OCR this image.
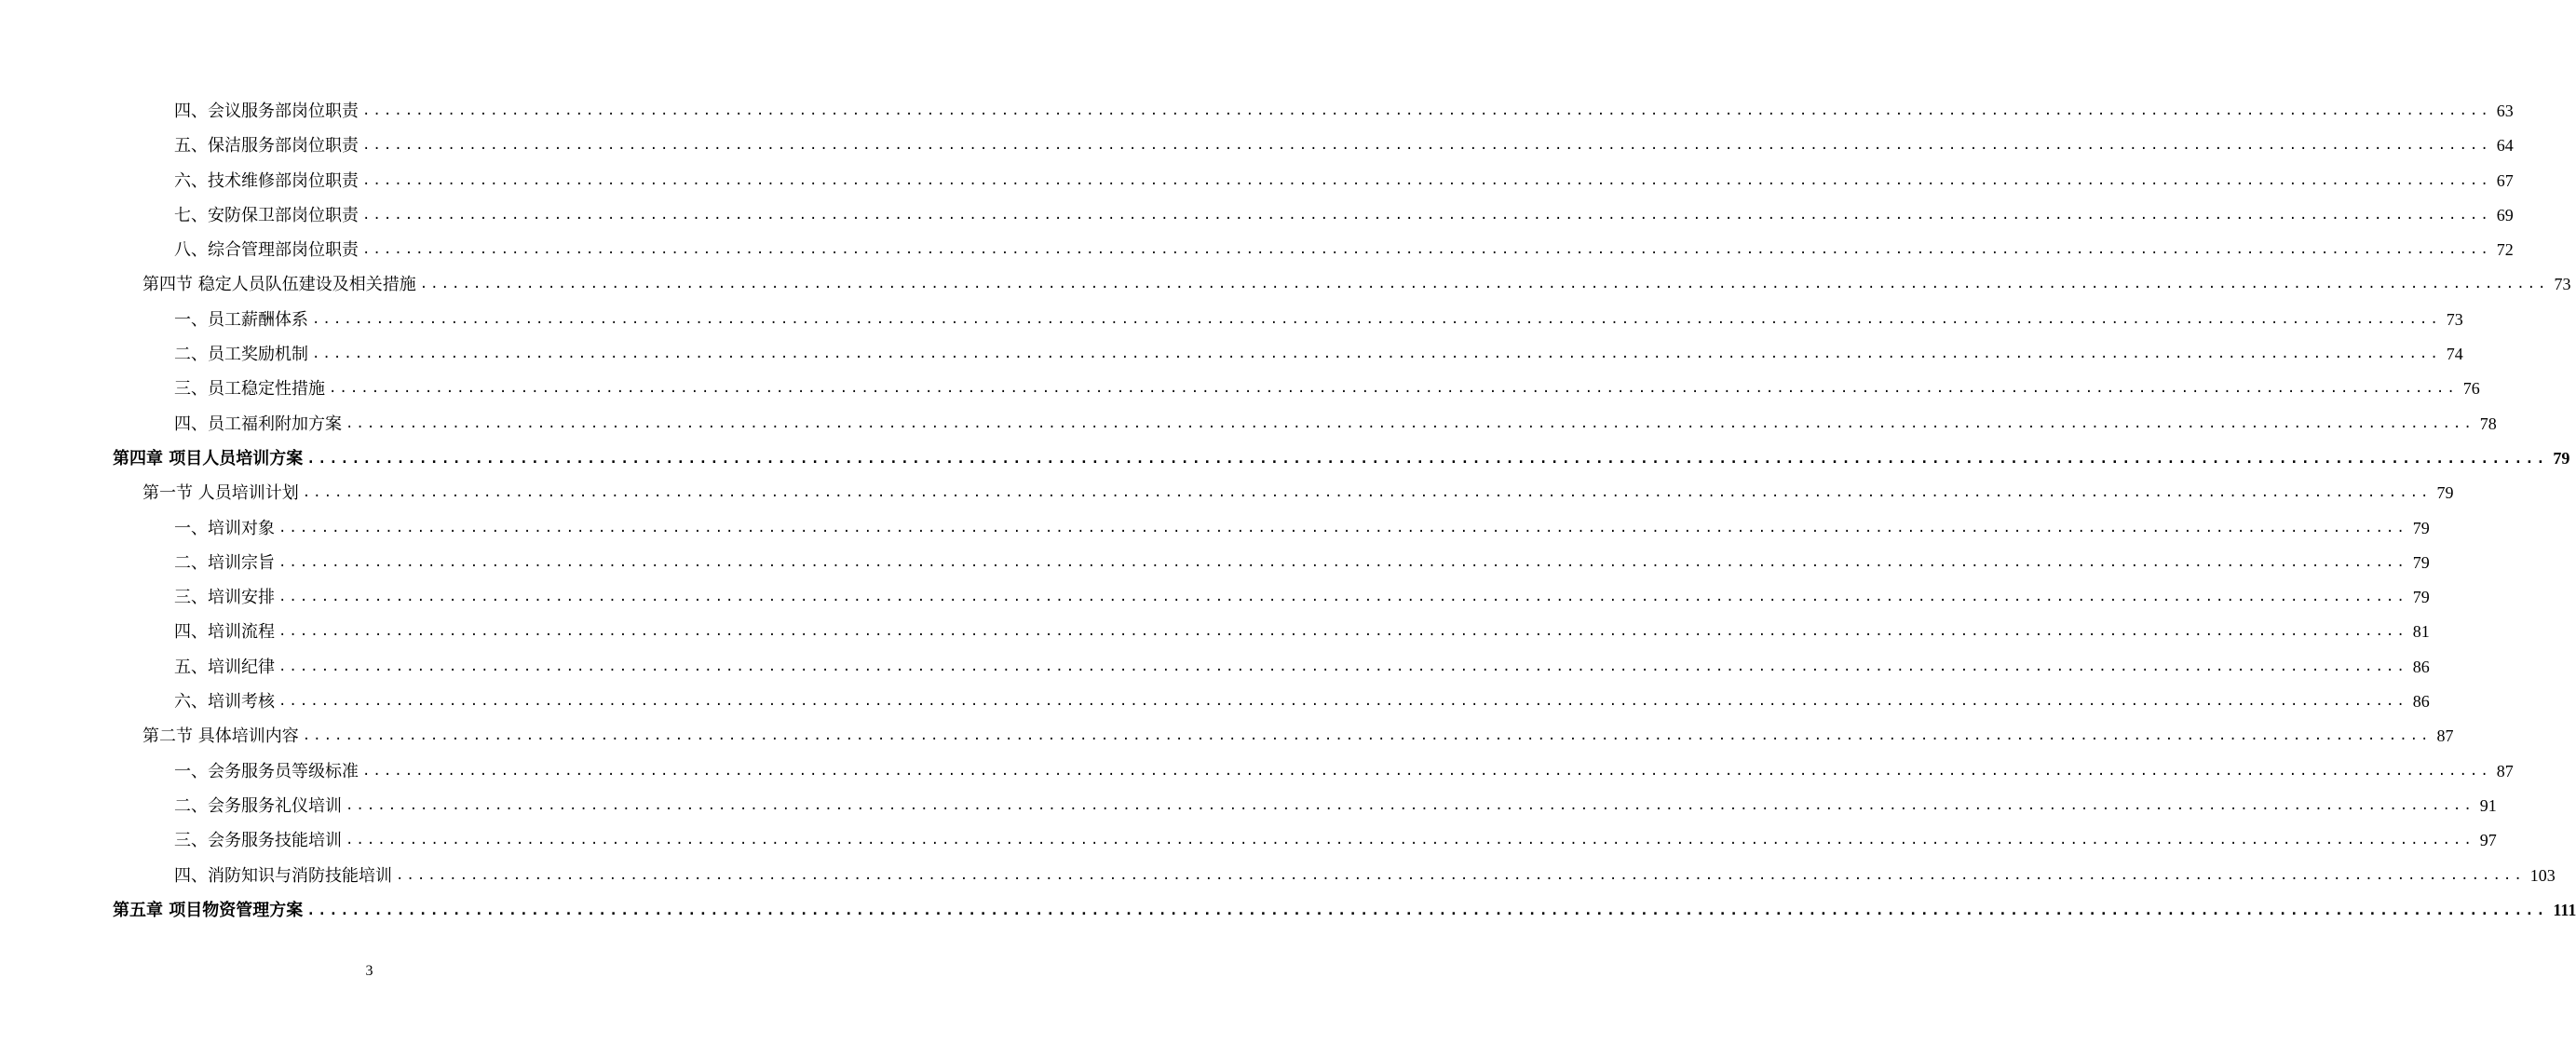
四、会议服务部岗位职责 ........................................................................................................................................................................................................ 63
五、保洁服务部岗位职责 ........................................................................................................................................................................................................ 64
六、技术维修部岗位职责 ........................................................................................................................................................................................................ 67
七、安防保卫部岗位职责 ........................................................................................................................................................................................................ 69
八、综合管理部岗位职责 ........................................................................................................................................................................................................ 72
第四节 稳定人员队伍建设及相关措施 ........................................................................................................................................................................................................ 73
一、员工薪酬体系 ........................................................................................................................................................................................................ 73
二、员工奖励机制 ........................................................................................................................................................................................................ 74
三、员工稳定性措施 ........................................................................................................................................................................................................ 76
四、员工福利附加方案 ........................................................................................................................................................................................................ 78
第四章 项目人员培训方案 ........................................................................................................................................................................................................ 79
第一节 人员培训计划 ........................................................................................................................................................................................................ 79
一、培训对象 ........................................................................................................................................................................................................ 79
二、培训宗旨 ........................................................................................................................................................................................................ 79
三、培训安排 ........................................................................................................................................................................................................ 79
四、培训流程 ........................................................................................................................................................................................................ 81
五、培训纪律 ........................................................................................................................................................................................................ 86
六、培训考核 ........................................................................................................................................................................................................ 86
第二节 具体培训内容 ........................................................................................................................................................................................................ 87
一、会务服务员等级标准 ........................................................................................................................................................................................................ 87
二、会务服务礼仪培训 ........................................................................................................................................................................................................ 91
三、会务服务技能培训 ........................................................................................................................................................................................................ 97
四、消防知识与消防技能培训 ........................................................................................................................................................................................................ 103
第五章 项目物资管理方案 ........................................................................................................................................................................................................ 111
3
